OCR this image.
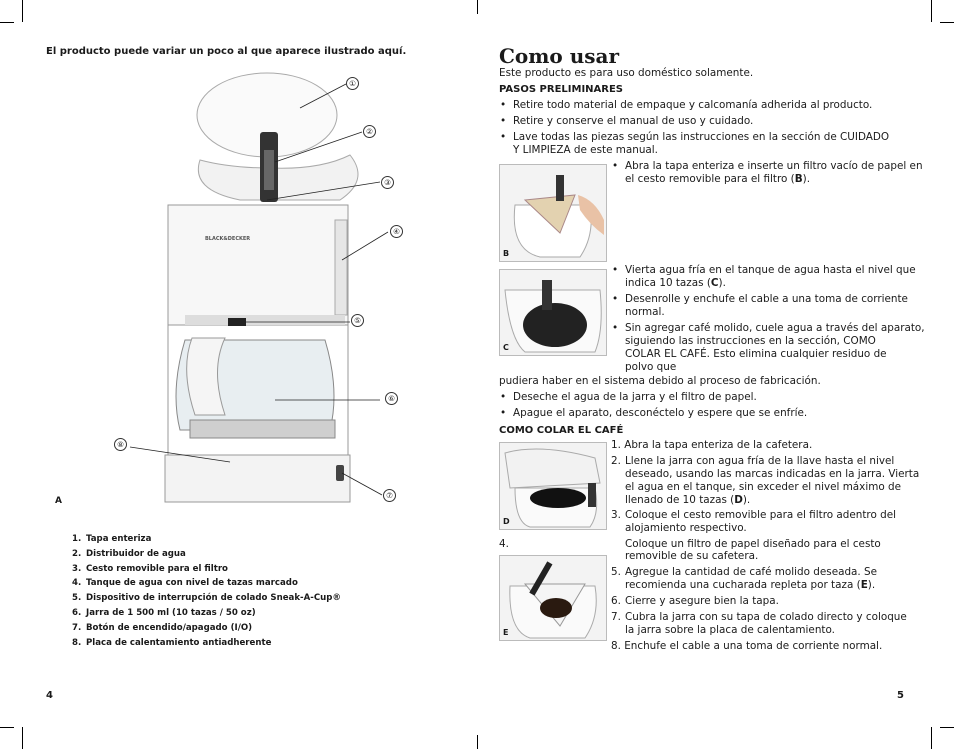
El producto puede variar un poco al que aparece ilustrado aquí.
BLACK&DECKER
①
②
③
④
⑤
⑥
⑦
⑧
A
1. Tapa enteriza
2. Distribuidor de agua
3. Cesto removible para el filtro
4. Tanque de agua con nivel de tazas marcado
5. Dispositivo de interrupción de colado Sneak-A-Cup®
6. Jarra de 1 500 ml (10 tazas / 50 oz)
7. Botón de encendido/apagado (I/O)
8. Placa de calentamiento antiadherente
4
Como usar
Este producto es para uso doméstico solamente.
PASOS PRELIMINARES
• Retire todo material de empaque y calcomanía adherida al producto.
• Retire y conserve el manual de uso y cuidado.
• Lave todas las piezas según las instrucciones en la sección de CUIDADO
Y LIMPIEZA de este manual.
B
• Abra la tapa enteriza e inserte un filtro vacío de papel en
el cesto removible para el filtro (B).
C
• Vierta agua fría en el tanque de agua hasta el nivel que
indica 10 tazas (C).
• Desenrolle y enchufe el cable a una toma de corriente
normal.
• Sin agregar café molido, cuele agua a través del aparato,
siguiendo las instrucciones en la sección, COMO
COLAR EL CAFÉ. Esto elimina cualquier residuo de
polvo que
pudiera haber en el sistema debido al proceso de fabricación.
• Deseche el agua de la jarra y el filtro de papel.
• Apague el aparato, desconéctelo y espere que se enfríe.
COMO COLAR EL CAFÉ
1. Abra la tapa enteriza de la cafetera.
D
2. Llene la jarra con agua fría de la llave hasta el nivel
deseado, usando las marcas indicadas en la jarra. Vierta
el agua en el tanque, sin exceder el nivel máximo de
llenado de 10 tazas (D).
3. Coloque el cesto removible para el filtro adentro del
alojamiento respectivo.
4.	Coloque un filtro de papel diseñado para el cesto
removible de su cafetera.
E
5. Agregue la cantidad de café molido deseada. Se
recomienda una cucharada repleta por taza (E).
6. Cierre y asegure bien la tapa.
7. Cubra la jarra con su tapa de colado directo y coloque
la jarra sobre la placa de calentamiento.
8. Enchufe el cable a una toma de corriente normal.
5
